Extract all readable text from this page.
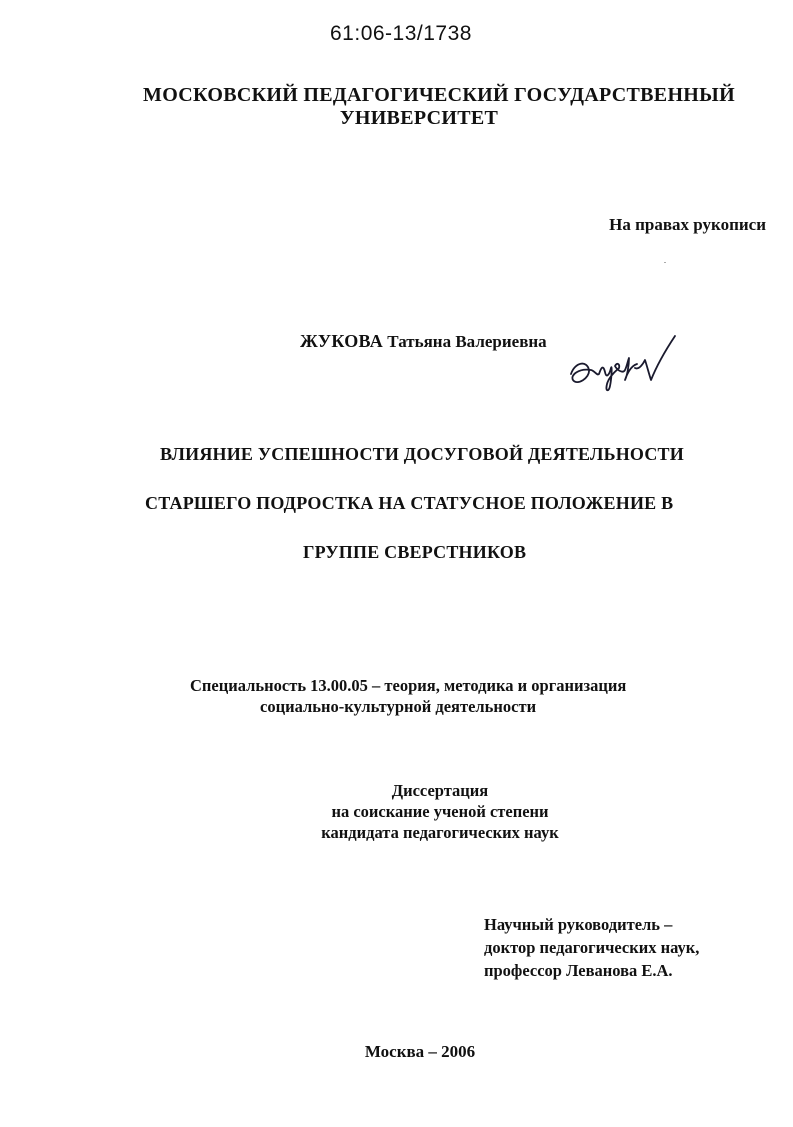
61:06-13/1738
МОСКОВСКИЙ ПЕДАГОГИЧЕСКИЙ ГОСУДАРСТВЕННЫЙ
УНИВЕРСИТЕТ
На правах рукописи
ЖУКОВА Татьяна Валериевна
ВЛИЯНИЕ УСПЕШНОСТИ ДОСУГОВОЙ ДЕЯТЕЛЬНОСТИ
СТАРШЕГО ПОДРОСТКА НА СТАТУСНОЕ ПОЛОЖЕНИЕ В
ГРУППЕ СВЕРСТНИКОВ
Специальность 13.00.05 – теория, методика и организация
социально-культурной деятельности
Диссертация
на соискание ученой степени
кандидата педагогических наук
Научный руководитель –
доктор педагогических наук,
профессор Леванова Е.А.
Москва – 2006
